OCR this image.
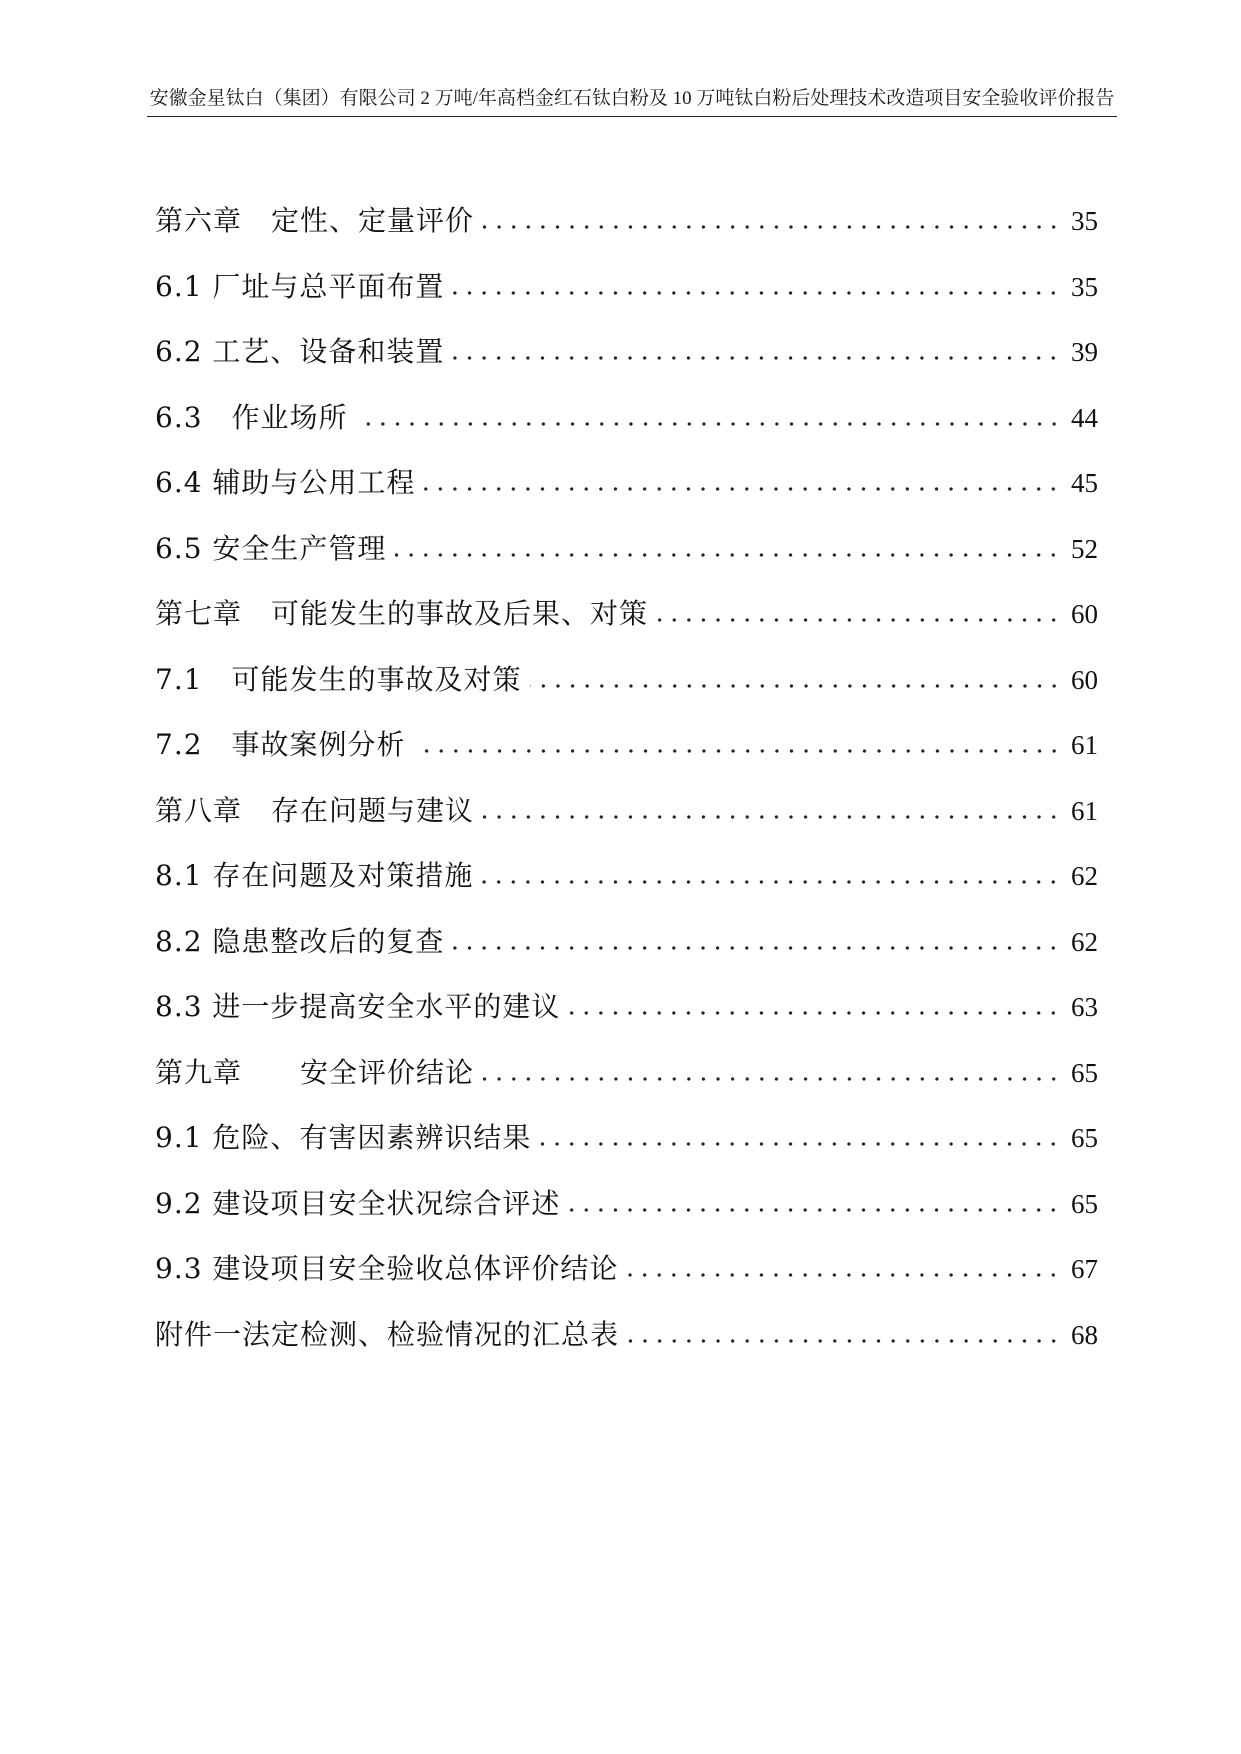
安徽金星钛白（集团）有限公司 2 万吨/年高档金红石钛白粉及 10 万吨钛白粉后处理技术改造项目安全验收评价报告
第六章　定性、定量评价	35
6.1 厂址与总平面布置	35
6.2 工艺、设备和装置	39
6.3　作业场所	44
6.4 辅助与公用工程	45
6.5 安全生产管理	52
第七章　可能发生的事故及后果、对策	60
7.1　可能发生的事故及对策	60
7.2　事故案例分析	61
第八章　存在问题与建议	61
8.1 存在问题及对策措施	62
8.2 隐患整改后的复查	62
8.3 进一步提高安全水平的建议	63
第九章　　安全评价结论	65
9.1 危险、有害因素辨识结果	65
9.2 建设项目安全状况综合评述	65
9.3 建设项目安全验收总体评价结论	67
附件一法定检测、检验情况的汇总表	68
